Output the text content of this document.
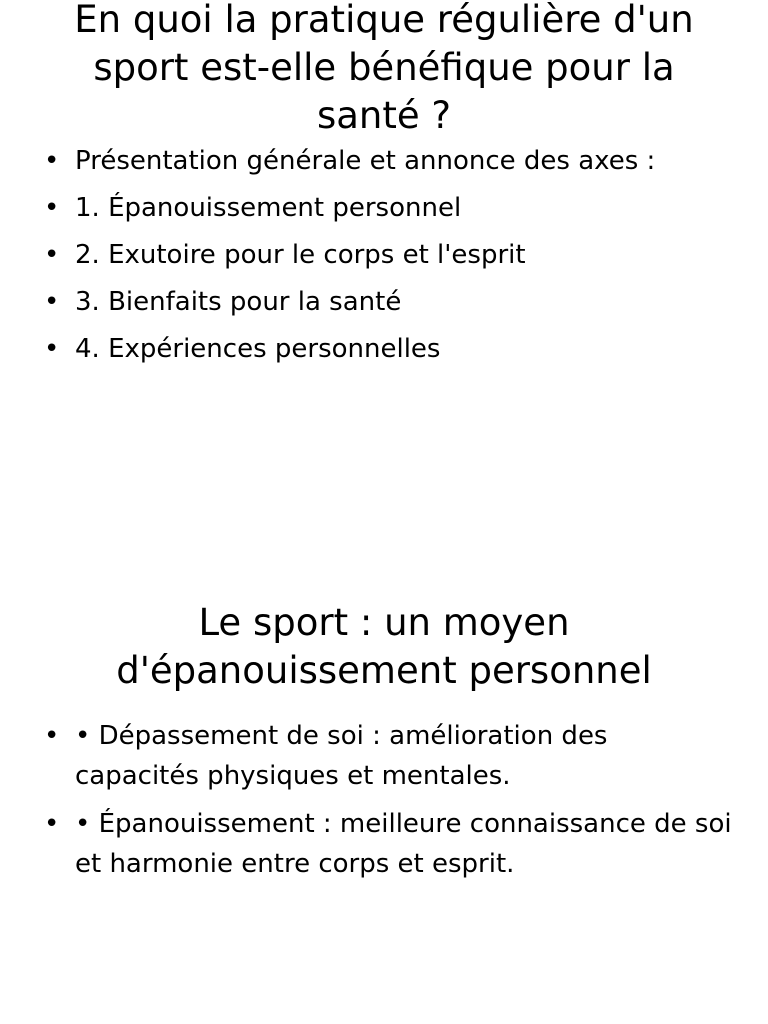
En quoi la pratique régulière d'un sport est-elle bénéfique pour la santé ?
• Présentation générale et annonce des axes :
• 1. Épanouissement personnel
• 2. Exutoire pour le corps et l'esprit
• 3. Bienfaits pour la santé
• 4. Expériences personnelles
Le sport : un moyen d'épanouissement personnel
• • Dépassement de soi : amélioration des capacités physiques et mentales.
• • Épanouissement : meilleure connaissance de soi et harmonie entre corps et esprit.
